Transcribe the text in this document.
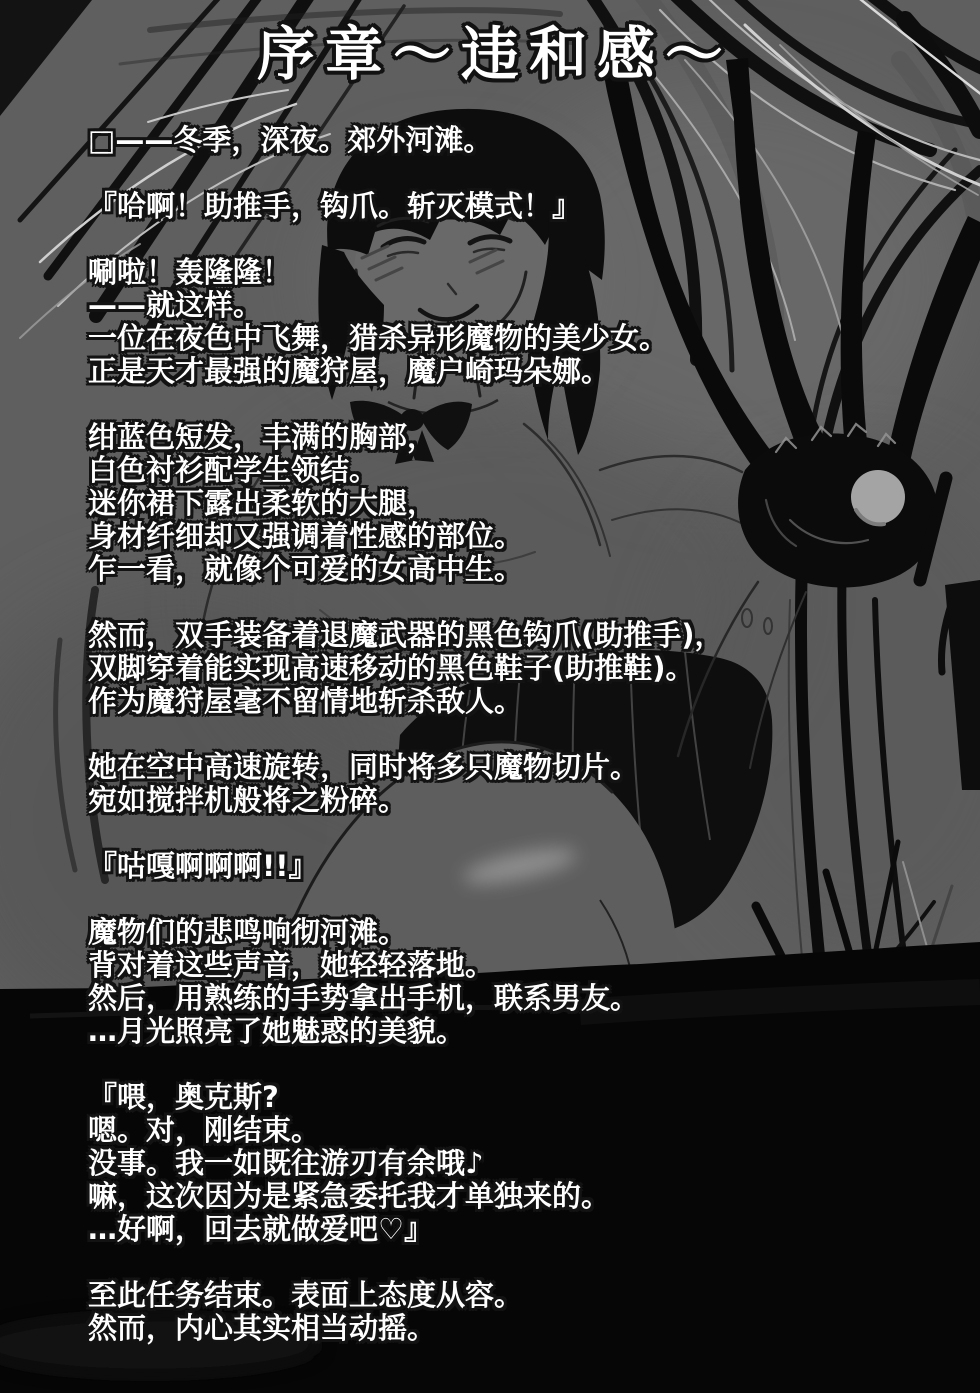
序章～违和感～
□——冬季，深夜。郊外河滩。
『哈啊！助推手，钩爪。斩灭模式！』
唰啦！轰隆隆！
——就这样。
一位在夜色中飞舞，猎杀异形魔物的美少女。
正是天才最强的魔狩屋，魔户崎玛朵娜。
绀蓝色短发，丰满的胸部，
白色衬衫配学生领结。
迷你裙下露出柔软的大腿，
身材纤细却又强调着性感的部位。
乍一看，就像个可爱的女高中生。
然而，双手装备着退魔武器的黑色钩爪(助推手)，
双脚穿着能实现高速移动的黑色鞋子(助推鞋)。
作为魔狩屋毫不留情地斩杀敌人。
她在空中高速旋转，同时将多只魔物切片。
宛如搅拌机般将之粉碎。
『咕嘎啊啊啊!!』
魔物们的悲鸣响彻河滩。
背对着这些声音，她轻轻落地。
然后，用熟练的手势拿出手机，联系男友。
…月光照亮了她魅惑的美貌。
『喂，奥克斯?
嗯。对，刚结束。
没事。我一如既往游刃有余哦♪
嘛，这次因为是紧急委托我才单独来的。
…好啊，回去就做爱吧♡』
至此任务结束。表面上态度从容。
然而，内心其实相当动摇。
